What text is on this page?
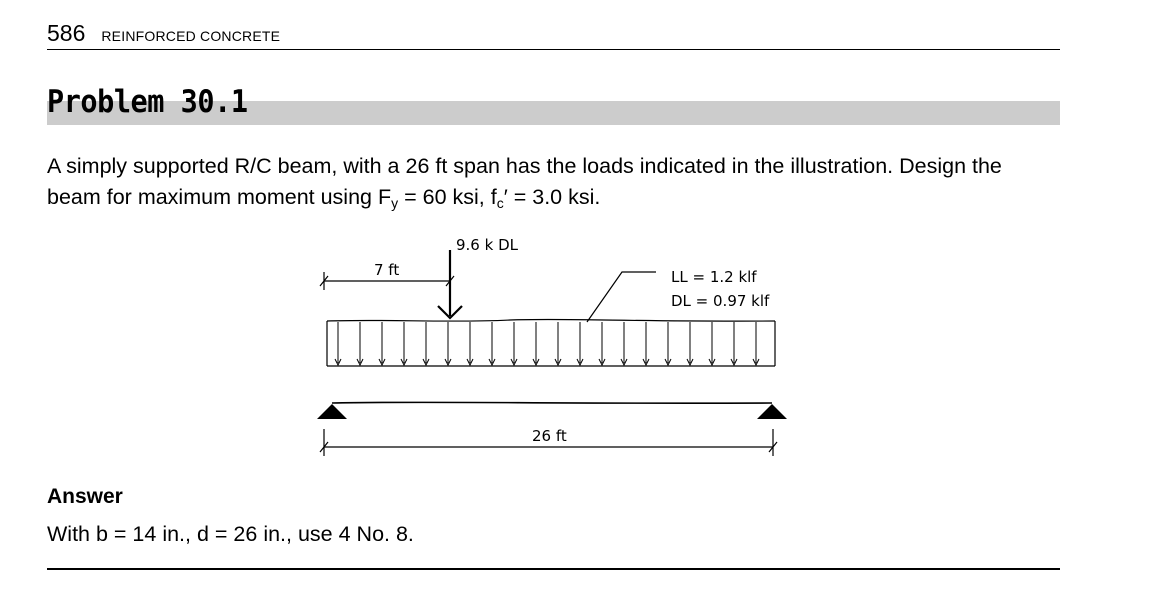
586 REINFORCED CONCRETE
Problem 30.1
A simply supported R/C beam, with a 26 ft span has the loads indicated in the illustration. Design the
beam for maximum moment using $F_y = 60$ ksi, $f_c' = 3.0$ ksi.
9.6 k DL
7 ft	LL = 1.2 klf
DL = 0.97 klf
26 ft
Answer
With b = 14 in., d = 26 in., use 4 No. 8.
